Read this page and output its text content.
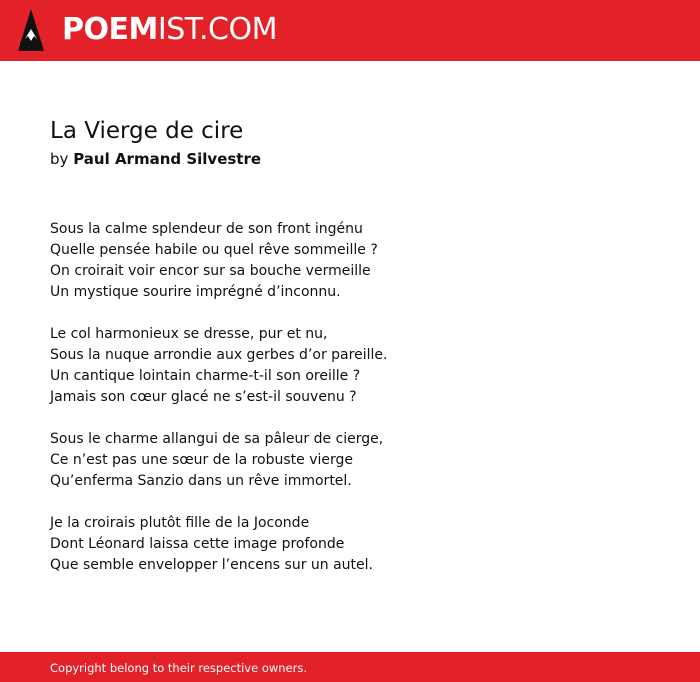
POEMIST.COM
La Vierge de cire
by Paul Armand Silvestre
Sous la calme splendeur de son front ingénu
Quelle pensée habile ou quel rêve sommeille ?
On croirait voir encor sur sa bouche vermeille
Un mystique sourire imprégné d’inconnu.
Le col harmonieux se dresse, pur et nu,
Sous la nuque arrondie aux gerbes d’or pareille.
Un cantique lointain charme-t-il son oreille ?
Jamais son cœur glacé ne s’est-il souvenu ?
Sous le charme allangui de sa pâleur de cierge,
Ce n’est pas une sœur de la robuste vierge
Qu’enferma Sanzio dans un rêve immortel.
Je la croirais plutôt fille de la Joconde
Dont Léonard laissa cette image profonde
Que semble envelopper l’encens sur un autel.
Copyright belong to their respective owners.
